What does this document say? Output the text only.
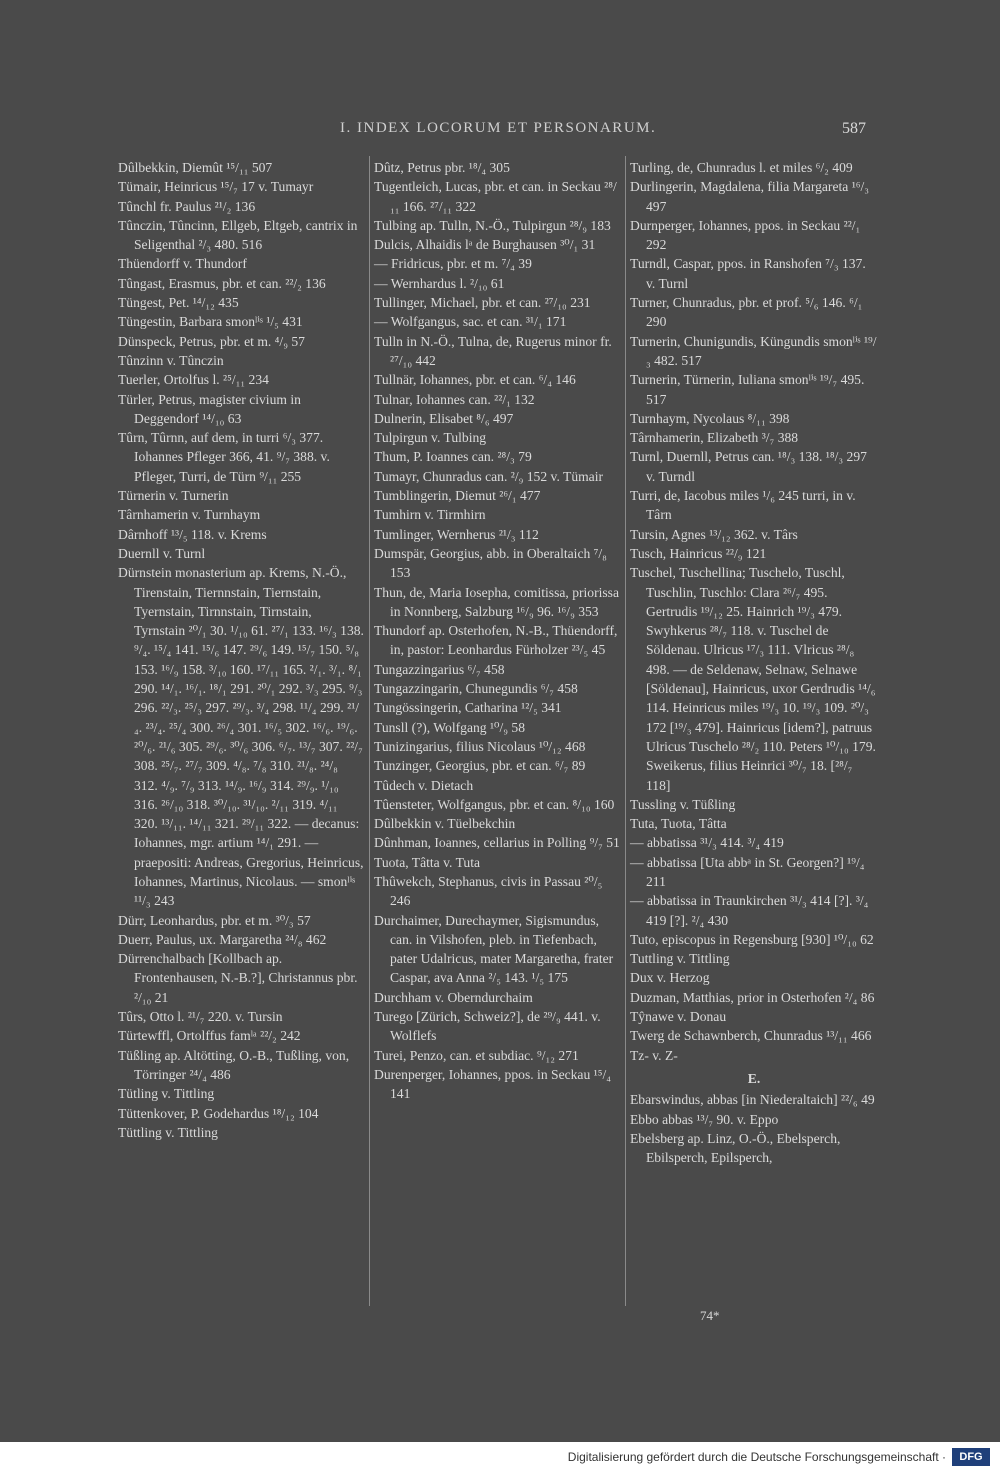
I. INDEX LOCORUM ET PERSONARUM.	587

Dûlbekkin, Diemût ¹⁵/₁₁ 507

Tümair, Heinricus ¹⁵/₇ 17 v. Tumayr

Tûnchl fr. Paulus ²¹/₂ 136

Tûnczin, Tûncinn, Ellgeb, Eltgeb, cantrix in Seligenthal ²/₃ 480. 516

Thüendorff v. Thundorf

Tûngast, Erasmus, pbr. et can. ²²/₂ 136

Tüngest, Pet. ¹⁴/₁₂ 435

Tüngestin, Barbara smonˡⁱˢ ¹/₅ 431

Dünspeck, Petrus, pbr. et m. ⁴/₉ 57

Tûnzinn v. Tûnczin

Tuerler, Ortolfus l. ²⁵/₁₁ 234

Türler, Petrus, magister civium in Deggendorf ¹⁴/₁₀ 63

Tûrn, Tûrnn, auf dem, in turri ⁶/₃ 377. Iohannes Pfleger 366, 41. ⁹/₇ 388. v. Pfleger, Turri, de Türn ⁹/₁₁ 255

Türnerin v. Turnerin

Târnhamerin v. Turnhaym

Dârnhoff ¹³/₅ 118. v. Krems

Duernll v. Turnl

Dürnstein monasterium ap. Krems, N.-Ö., Tirenstain, Tiernnstain, Tiernstain, Tyernstain, Tirnnstain, Tirnstain, Tyrnstain ²⁰/₁ 30. ¹/₁₀ 61. ²⁷/₁ 133. ¹⁶/₃ 138. ⁹/₄. ¹⁵/₄ 141. ¹⁵/₆ 147. ²⁹/₆ 149. ¹⁵/₇ 150. ⁵/₈ 153. ¹⁶/₉ 158. ³/₁₀ 160. ¹⁷/₁₁ 165. ²/₁. ³/₁. ⁸/₁ 290. ¹⁴/₁. ¹⁶/₁. ¹⁸/₁ 291. ²⁰/₁ 292. ³/₃ 295. ⁹/₃ 296. ²²/₃. ²⁵/₃ 297. ²⁹/₃. ³/₄ 298. ¹¹/₄ 299. ²¹/₄. ²³/₄. ²⁵/₄ 300. ²⁶/₄ 301. ¹⁶/₅ 302. ¹⁶/₆. ¹⁹/₆. ²⁰/₆. ²¹/₆ 305. ²⁹/₆. ³⁰/₆ 306. ⁶/₇. ¹³/₇ 307. ²²/₇ 308. ²⁵/₇. ²⁷/₇ 309. ⁴/₈. ⁷/₈ 310. ²¹/₈. ²⁴/₈ 312. ⁴/₉. ⁷/₉ 313. ¹⁴/₉. ¹⁶/₉ 314. ²⁹/₉. ¹/₁₀ 316. ²⁶/₁₀ 318. ³⁰/₁₀. ³¹/₁₀. ²/₁₁ 319. ⁴/₁₁ 320. ¹³/₁₁. ¹⁴/₁₁ 321. ²⁹/₁₁ 322. — decanus: Iohannes, mgr. artium ¹⁴/₁ 291. — praepositi: Andreas, Gregorius, Heinricus, Iohannes, Martinus, Nicolaus. — smonˡⁱˢ ¹¹/₃ 243

Dürr, Leonhardus, pbr. et m. ³⁰/₃ 57

Duerr, Paulus, ux. Margaretha ²⁴/₈ 462

Dürrenchalbach [Kollbach ap. Frontenhausen, N.-B.?], Christannus pbr. ²/₁₀ 21

Tûrs, Otto l. ²¹/₇ 220. v. Tursin

Türtewffl, Ortolffus famˡᵃ ²²/₂ 242

Tüßling ap. Altötting, O.-B., Tußling, von, Törringer ²⁴/₄ 486

Tütling v. Tittling

Tüttenkover, P. Godehardus ¹⁸/₁₂ 104

Tüttling v. Tittling

Dûtz, Petrus pbr. ¹⁸/₄ 305

Tugentleich, Lucas, pbr. et can. in Seckau ²⁸/₁₁ 166. ²⁷/₁₁ 322

Tulbing ap. Tulln, N.-Ö., Tulpirgun ²⁸/₉ 183

Dulcis, Alhaidis lᵃ de Burghausen ³⁰/₁ 31

— Fridricus, pbr. et m. ⁷/₄ 39

— Wernhardus l. ²/₁₀ 61

Tullinger, Michael, pbr. et can. ²⁷/₁₀ 231

— Wolfgangus, sac. et can. ³¹/₁ 171

Tulln in N.-Ö., Tulna, de, Rugerus minor fr. ²⁷/₁₀ 442

Tullnär, Iohannes, pbr. et can. ⁶/₄ 146

Tulnar, Iohannes can. ²²/₁ 132

Dulnerin, Elisabet ⁸/₆ 497

Tulpirgun v. Tulbing

Thum, P. Ioannes can. ²⁸/₃ 79

Tumayr, Chunradus can. ²/₉ 152 v. Tümair

Tumblingerin, Diemut ²⁶/₁ 477

Tumhirn v. Tirmhirn

Tumlinger, Wernherus ²¹/₃ 112

Dumspär, Georgius, abb. in Oberaltaich ⁷/₈ 153

Thun, de, Maria Iosepha, comitissa, priorissa in Nonnberg, Salzburg ¹⁶/₉ 96. ¹⁶/₉ 353

Thundorf ap. Osterhofen, N.-B., Thüendorff, in, pastor: Leonhardus Fürholzer ²³/₅ 45

Tungazzingarius ⁶/₇ 458

Tungazzingarin, Chunegundis ⁶/₇ 458

Tungössingerin, Catharina ¹²/₅ 341

Tunsll (?), Wolfgang ¹⁰/₉ 58

Tunizingarius, filius Nicolaus ¹⁰/₁₂ 468

Tunzinger, Georgius, pbr. et can. ⁶/₇ 89

Tûdech v. Dietach

Tûensteter, Wolfgangus, pbr. et can. ⁸/₁₀ 160

Dûlbekkin v. Tüelbekchin

Dûnhman, Ioannes, cellarius in Polling ⁹/₇ 51

Tuota, Tâtta v. Tuta

Thûwekch, Stephanus, civis in Passau ²⁰/₅ 246

Durchaimer, Durechaymer, Sigismundus, can. in Vilshofen, pleb. in Tiefenbach, pater Udalricus, mater Margaretha, frater Caspar, ava Anna ²/₅ 143. ¹/₅ 175

Durchham v. Oberndurchaim

Turego [Zürich, Schweiz?], de ²⁹/₉ 441. v. Wolflefs

Turei, Penzo, can. et subdiac. ⁹/₁₂ 271

Durenperger, Iohannes, ppos. in Seckau ¹⁵/₄ 141

Turling, de, Chunradus l. et miles ⁶/₂ 409

Durlingerin, Magdalena, filia Margareta ¹⁶/₃ 497

Durnperger, Iohannes, ppos. in Seckau ²²/₁ 292

Turndl, Caspar, ppos. in Ranshofen ⁷/₃ 137. v. Turnl

Turner, Chunradus, pbr. et prof. ⁵/₆ 146. ⁶/₁ 290

Turnerin, Chunigundis, Küngundis smonˡⁱˢ ¹⁹/₃ 482. 517

Turnerin, Türnerin, Iuliana smonˡⁱˢ ¹⁹/₇ 495. 517

Turnhaym, Nycolaus ⁸/₁₁ 398

Târnhamerin, Elizabeth ³/₇ 388

Turnl, Duernll, Petrus can. ¹⁸/₃ 138. ¹⁸/₃ 297 v. Turndl

Turri, de, Iacobus miles ¹/₆ 245 turri, in v. Târn

Tursin, Agnes ¹³/₁₂ 362. v. Târs

Tusch, Hainricus ²²/₉ 121

Tuschel, Tuschellina; Tuschelo, Tuschl, Tuschlin, Tuschlo: Clara ²⁶/₇ 495. Gertrudis ¹⁹/₁₂ 25. Hainrich ¹⁹/₃ 479. Swyhkerus ²⁸/₇ 118. v. Tuschel de Söldenau. Ulricus ¹⁷/₃ 111. Vlricus ²⁸/₈ 498. — de Seldenaw, Selnaw, Selnawe [Söldenau], Hainricus, uxor Gerdrudis ¹⁴/₆ 114. Heinricus miles ¹⁹/₃ 10. ¹⁹/₃ 109. ²⁰/₃ 172 [¹⁹/₃ 479]. Hainricus [idem?], patruus Ulricus Tuschelo ²⁸/₂ 110. Peters ¹⁰/₁₀ 179. Sweikerus, filius Heinrici ³⁰/₇ 18. [²⁸/₇ 118]

Tussling v. Tüßling

Tuta, Tuota, Tâtta

— abbatissa ³¹/₃ 414. ³/₄ 419

— abbatissa [Uta abbᵃ in St. Georgen?] ¹⁹/₄ 211

— abbatissa in Traunkirchen ³¹/₃ 414 [?]. ³/₄ 419 [?]. ²/₄ 430

Tuto, episcopus in Regensburg [930] ¹⁰/₁₀ 62

Tuttling v. Tittling

Dux v. Herzog

Duzman, Matthias, prior in Osterhofen ²/₄ 86

Tŷnawe v. Donau

Twerg de Schawnberch, Chunradus ¹³/₁₁ 466

Tz- v. Z-

E.

Ebarswindus, abbas [in Niederaltaich] ²²/₆ 49

Ebbo abbas ¹³/₇ 90. v. Eppo

Ebelsberg ap. Linz, O.-Ö., Ebelsperch, Ebilsperch, Epilsperch,

74*
Digitalisierung gefördert durch die Deutsche Forschungsgemeinschaft ·	DFG
